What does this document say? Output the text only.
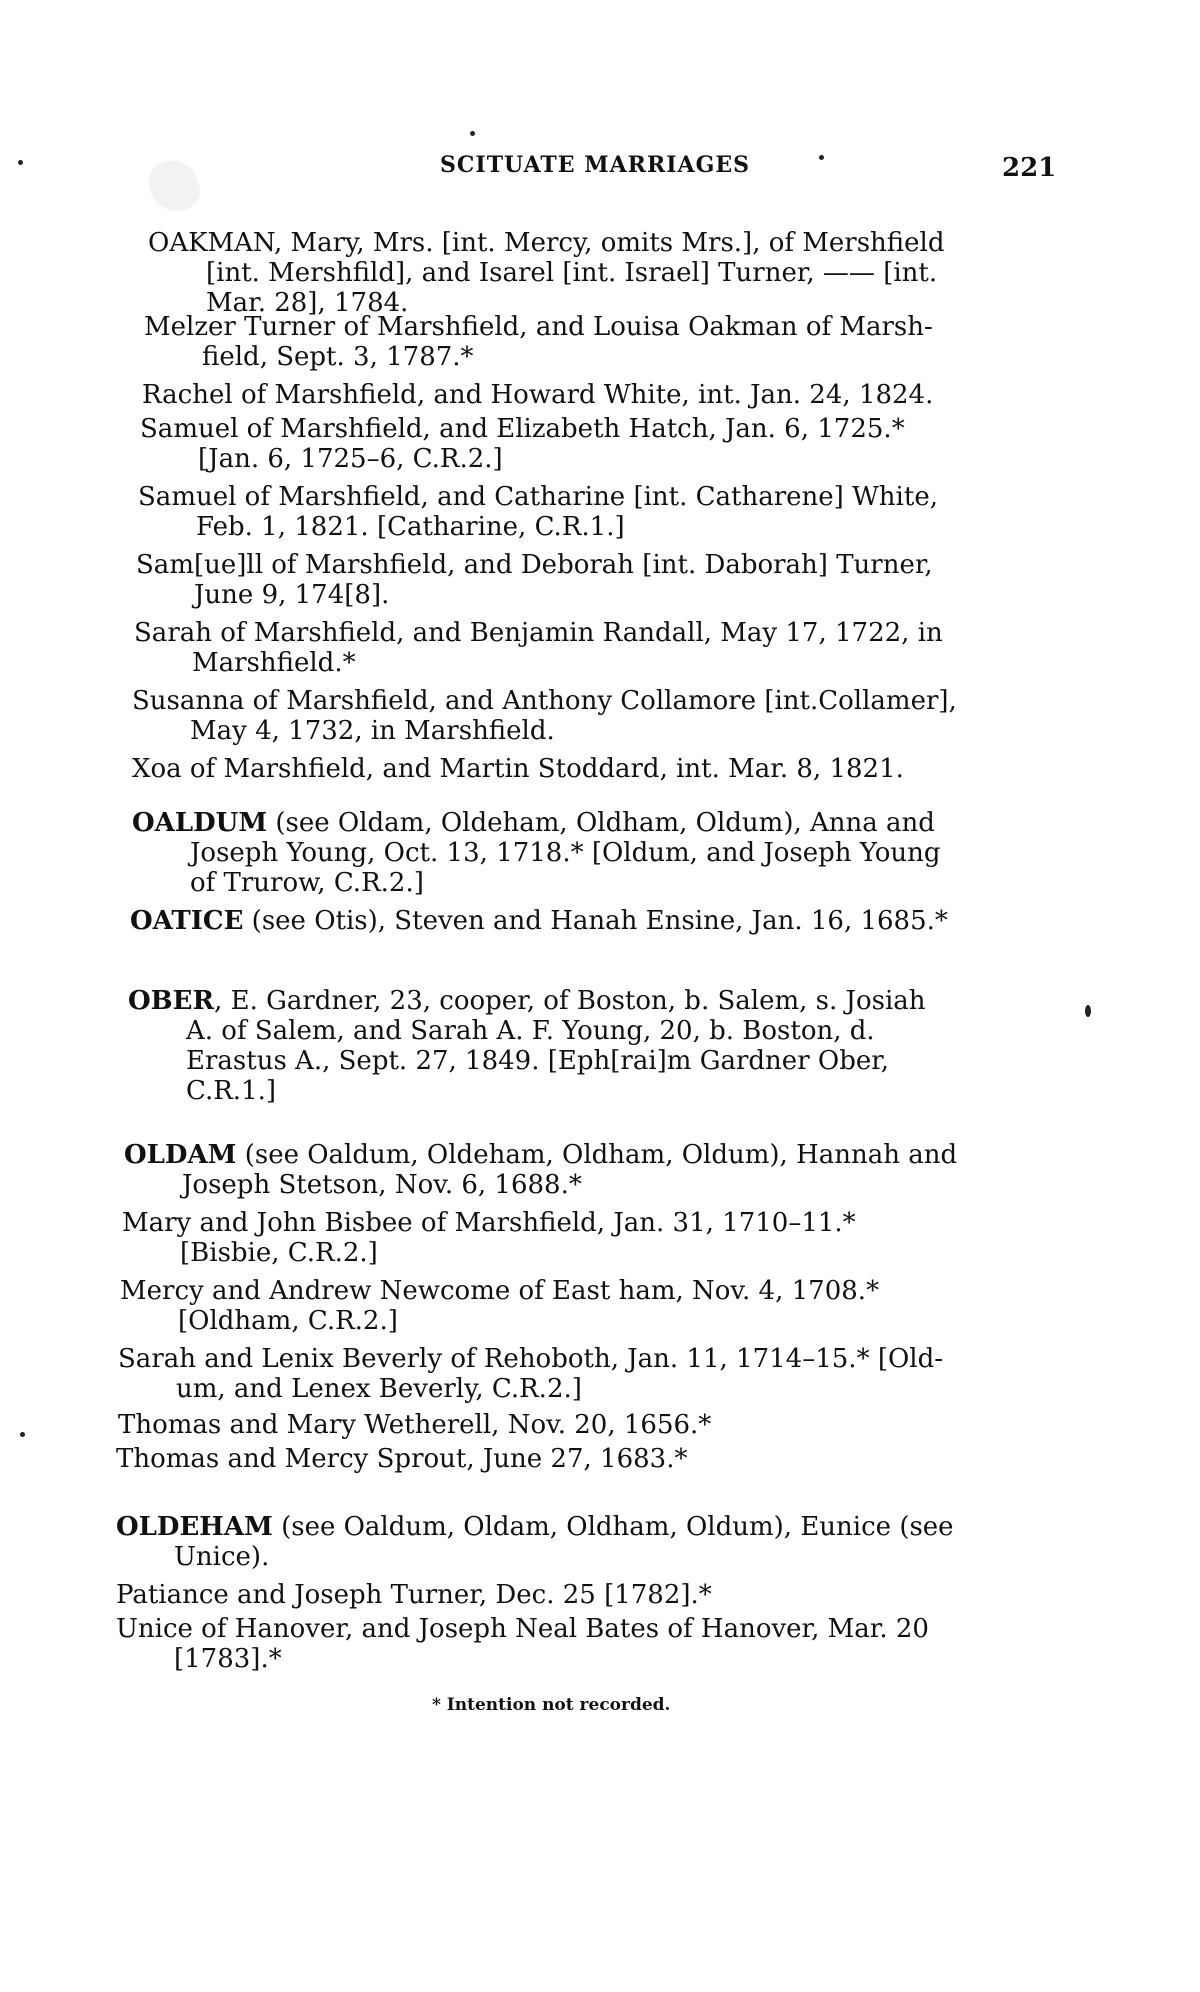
SCITUATE MARRIAGES	221
OAKMAN, Mary, Mrs. [int. Mercy, omits Mrs.], of Mershfield
[int. Mershfild], and Isarel [int. Israel] Turner, —— [int.
Mar. 28], 1784.
Melzer Turner of Marshfield, and Louisa Oakman of Marsh-
field, Sept. 3, 1787.*
Rachel of Marshfield, and Howard White, int. Jan. 24, 1824.
Samuel of Marshfield, and Elizabeth Hatch, Jan. 6, 1725.*
[Jan. 6, 1725–6, C.R.2.]
Samuel of Marshfield, and Catharine [int. Catharene] White,
Feb. 1, 1821. [Catharine, C.R.1.]
Sam[ue]ll of Marshfield, and Deborah [int. Daborah] Turner,
June 9, 174[8].
Sarah of Marshfield, and Benjamin Randall, May 17, 1722, in
Marshfield.*
Susanna of Marshfield, and Anthony Collamore [int.Collamer],
May 4, 1732, in Marshfield.
Xoa of Marshfield, and Martin Stoddard, int. Mar. 8, 1821.
OALDUM (see Oldam, Oldeham, Oldham, Oldum), Anna and
Joseph Young, Oct. 13, 1718.* [Oldum, and Joseph Young
of Trurow, C.R.2.]
OATICE (see Otis), Steven and Hanah Ensine, Jan. 16, 1685.*
OBER, E. Gardner, 23, cooper, of Boston, b. Salem, s. Josiah
A. of Salem, and Sarah A. F. Young, 20, b. Boston, d.
Erastus A., Sept. 27, 1849. [Eph[rai]m Gardner Ober,
C.R.1.]
OLDAM (see Oaldum, Oldeham, Oldham, Oldum), Hannah and
Joseph Stetson, Nov. 6, 1688.*
Mary and John Bisbee of Marshfield, Jan. 31, 1710–11.*
[Bisbie, C.R.2.]
Mercy and Andrew Newcome of East ham, Nov. 4, 1708.*
[Oldham, C.R.2.]
Sarah and Lenix Beverly of Rehoboth, Jan. 11, 1714–15.* [Old-
um, and Lenex Beverly, C.R.2.]
Thomas and Mary Wetherell, Nov. 20, 1656.*
Thomas and Mercy Sprout, June 27, 1683.*
OLDEHAM (see Oaldum, Oldam, Oldham, Oldum), Eunice (see
Unice).
Patiance and Joseph Turner, Dec. 25 [1782].*
Unice of Hanover, and Joseph Neal Bates of Hanover, Mar. 20
[1783].*
* Intention not recorded.
